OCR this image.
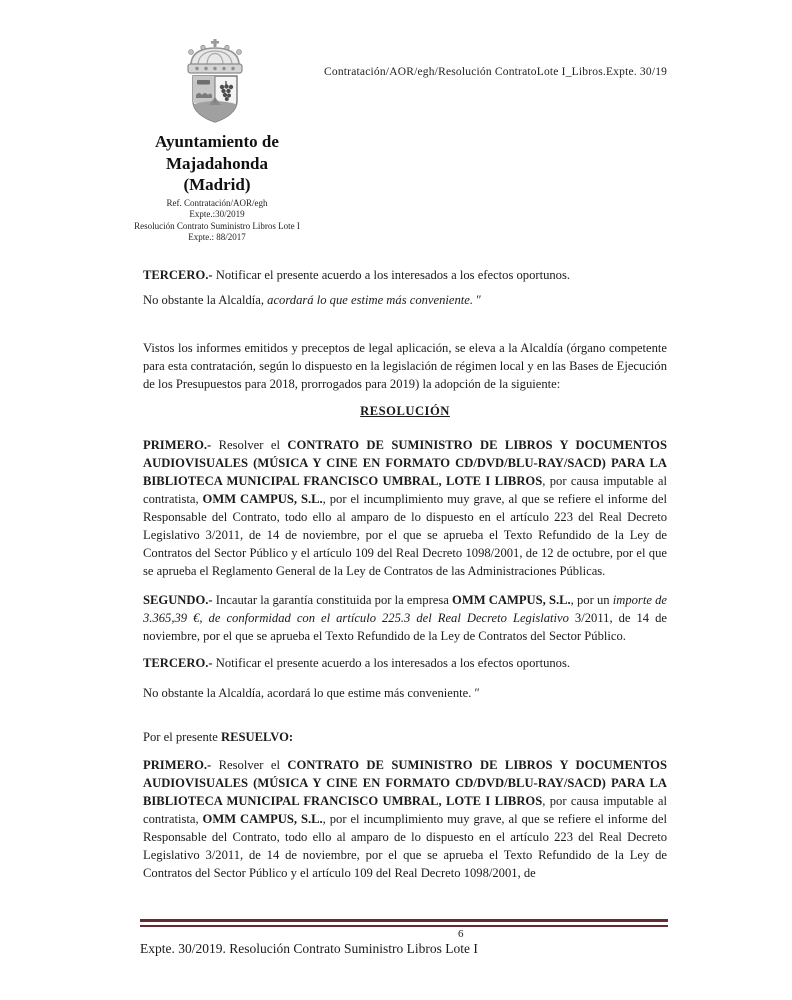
Contratación/AOR/egh/Resolución ContratoLote I_Libros.Expte. 30/19
Ayuntamiento de
Majadahonda
(Madrid)
Ref. Contratación/AOR/egh
Expte.:30/2019
Resolución Contrato Suministro Libros Lote I
Expte.: 88/2017

TERCERO.- Notificar el presente acuerdo a los interesados a los efectos oportunos.

No obstante la Alcaldía, acordará lo que estime más conveniente. ″

Vistos los informes emitidos y preceptos de legal aplicación, se eleva a la Alcaldía (órgano competente para esta contratación, según lo dispuesto en la legislación de régimen local y en las Bases de Ejecución de los Presupuestos para 2018, prorrogados para 2019) la adopción de la siguiente:

RESOLUCIÓN

PRIMERO.- Resolver el CONTRATO DE SUMINISTRO DE LIBROS Y DOCUMENTOS AUDIOVISUALES (MÚSICA Y CINE EN FORMATO CD/DVD/BLU-RAY/SACD) PARA LA BIBLIOTECA MUNICIPAL FRANCISCO UMBRAL, LOTE I LIBROS, por causa imputable al contratista, OMM CAMPUS, S.L., por el incumplimiento muy grave, al que se refiere el informe del Responsable del Contrato, todo ello al amparo de lo dispuesto en el artículo 223 del Real Decreto Legislativo 3/2011, de 14 de noviembre, por el que se aprueba el Texto Refundido de la Ley de Contratos del Sector Público y el artículo 109 del Real Decreto 1098/2001, de 12 de octubre, por el que se aprueba el Reglamento General de la Ley de Contratos de las Administraciones Públicas.

SEGUNDO.- Incautar la garantía constituida por la empresa OMM CAMPUS, S.L., por un importe de 3.365,39 €, de conformidad con el artículo 225.3 del Real Decreto Legislativo 3/2011, de 14 de noviembre, por el que se aprueba el Texto Refundido de la Ley de Contratos del Sector Público.

TERCERO.- Notificar el presente acuerdo a los interesados a los efectos oportunos.

No obstante la Alcaldía, acordará lo que estime más conveniente. ″

Por el presente RESUELVO:

PRIMERO.- Resolver el CONTRATO DE SUMINISTRO DE LIBROS Y DOCUMENTOS AUDIOVISUALES (MÚSICA Y CINE EN FORMATO CD/DVD/BLU-RAY/SACD) PARA LA BIBLIOTECA MUNICIPAL FRANCISCO UMBRAL, LOTE I LIBROS, por causa imputable al contratista, OMM CAMPUS, S.L., por el incumplimiento muy grave, al que se refiere el informe del Responsable del Contrato, todo ello al amparo de lo dispuesto en el artículo 223 del Real Decreto Legislativo 3/2011, de 14 de noviembre, por el que se aprueba el Texto Refundido de la Ley de Contratos del Sector Público y el artículo 109 del Real Decreto 1098/2001, de

6
Expte. 30/2019. Resolución Contrato Suministro Libros Lote I
